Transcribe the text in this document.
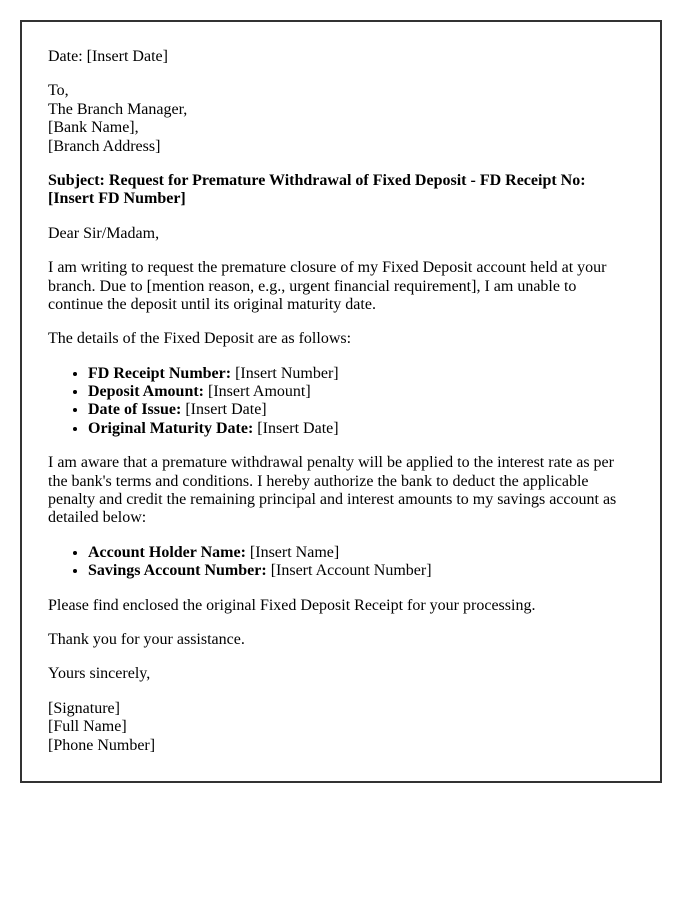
Date: [Insert Date]
To,
The Branch Manager,
[Bank Name],
[Branch Address]
Subject: Request for Premature Withdrawal of Fixed Deposit - FD Receipt No: [Insert FD Number]
Dear Sir/Madam,
I am writing to request the premature closure of my Fixed Deposit account held at your branch. Due to [mention reason, e.g., urgent financial requirement], I am unable to continue the deposit until its original maturity date.
The details of the Fixed Deposit are as follows:
• FD Receipt Number: [Insert Number]
• Deposit Amount: [Insert Amount]
• Date of Issue: [Insert Date]
• Original Maturity Date: [Insert Date]
I am aware that a premature withdrawal penalty will be applied to the interest rate as per the bank's terms and conditions. I hereby authorize the bank to deduct the applicable penalty and credit the remaining principal and interest amounts to my savings account as detailed below:
• Account Holder Name: [Insert Name]
• Savings Account Number: [Insert Account Number]
Please find enclosed the original Fixed Deposit Receipt for your processing.
Thank you for your assistance.
Yours sincerely,
[Signature]
[Full Name]
[Phone Number]
